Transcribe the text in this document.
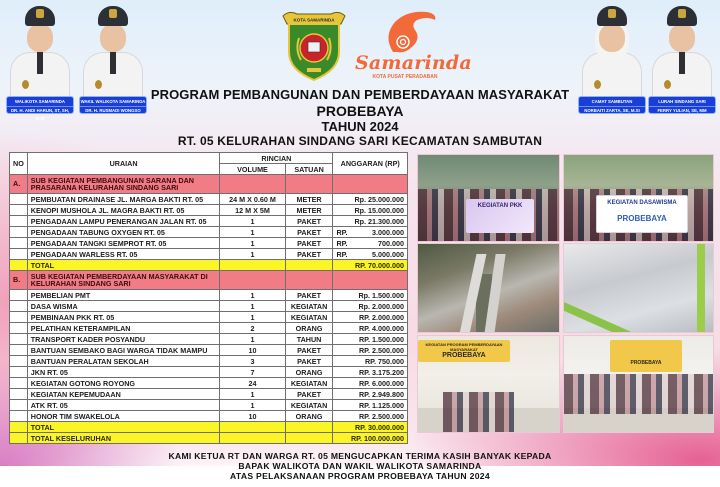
WALIKOTA SAMARINDA
DR. H. ANDI HARUN, ST, SH, M.SI
WAKIL WALIKOTA SAMARINDA
DR. H. RUSMADI WONGSO
KOTA SAMARINDA
Samarinda
KOTA PUSAT PERADABAN
CAMAT SAMBUTAN
NORBAITI ZARTA, SE, M.SI
LURAH SINDANG SARI
FERRY YULIAN, SE, MM
PROGRAM PEMBANGUNAN DAN PEMBERDAYAAN MASYARAKAT
PROBEBAYA
TAHUN 2024
RT. 05 KELURAHAN SINDANG SARI KECAMATAN SAMBUTAN
NO	URAIAN	RINCIAN		ANGGARAN (RP)
		VOLUME	SATUAN	
A.	SUB KEGIATAN PEMBANGUNAN SARANA DAN PRASARANA KELURAHAN SINDANG SARI			
	PEMBUATAN DRAINASE JL. MARGA BAKTI RT. 05	24 M X 0.60 M	METER	Rp. 25.000.000
	KENOPI MUSHOLA JL. MAGRA BAKTI RT. 05	12 M X 5M	METER	Rp. 15.000.000
	PENGADAAN LAMPU PENERANGAN JALAN RT. 05	1	PAKET	Rp. 21.300.000
	PENGADAAN TABUNG OXYGEN RT. 05	1	PAKET	RP. 3.000.000
	PENGADAAN TANGKI SEMPROT RT. 05	1	PAKET	RP. 700.000
	PENGADAAN WARLESS RT. 05	1	PAKET	RP. 5.000.000
	TOTAL			RP. 70.000.000
B.	SUB KEGIATAN PEMBERDAYAAN MASYARAKAT DI KELURAHAN SINDANG SARI			
	PEMBELIAN PMT	1	PAKET	Rp. 1.500.000
	DASA WISMA	1	KEGIATAN	Rp. 2.000.000
	PEMBINAAN PKK RT. 05	1	KEGIATAN	RP. 2.000.000
	PELATIHAN KETERAMPILAN	2	ORANG	RP. 4.000.000
	TRANSPORT KADER POSYANDU	1	TAHUN	RP. 1.500.000
	BANTUAN SEMBAKO BAGI WARGA TIDAK MAMPU	10	PAKET	RP. 2.500.000
	BANTUAN PERALATAN SEKOLAH	3	PAKET	RP. 750.000
	JKN RT. 05	7	ORANG	RP. 3.175.200
	KEGIATAN GOTONG ROYONG	24	KEGIATAN	RP. 6.000.000
	KEGIATAN KEPEMUDAAN	1	PAKET	RP. 2.949.800
	ATK RT. 05	1	KEGIATAN	RP. 1.125.000
	HONOR TIM SWAKELOLA	10	ORANG	RP. 2.500.000
	TOTAL			RP. 30.000.000
	TOTAL KESELURUHAN			RP. 100.000.000
KEGIATAN PKK	KEGIATAN DASAWISMA
PROBEBAYA
KEGIATAN PROGRAM PEMBERDAYAAN MASYARAKAT
PROBEBAYA
PROBEBAYA
KAMI KETUA RT DAN WARGA RT. 05 MENGUCAPKAN TERIMA KASIH BANYAK KEPADA
BAPAK WALIKOTA DAN WAKIL WALIKOTA SAMARINDA
ATAS PELAKSANAAN PROGRAM PROBEBAYA TAHUN 2024
